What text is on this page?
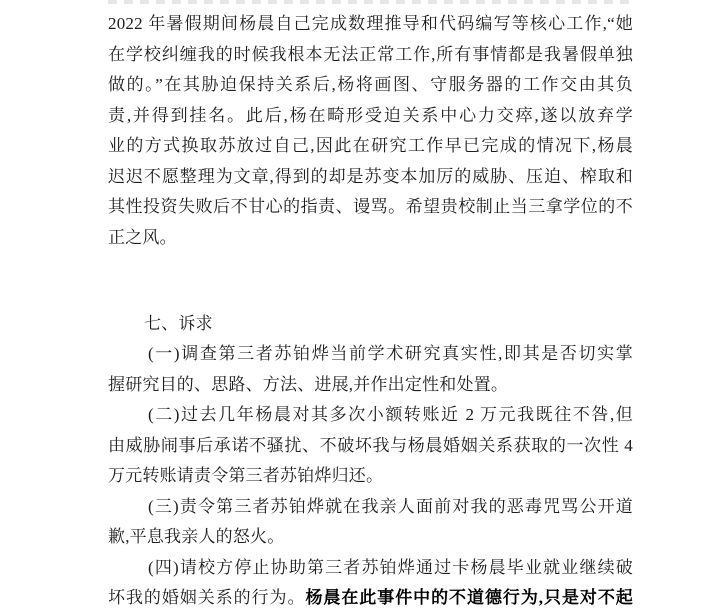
2022 年暑假期间杨晨自己完成数理推导和代码编写等核心工作,“她
在学校纠缠我的时候我根本无法正常工作,所有事情都是我暑假单独
做的。”在其胁迫保持关系后,杨将画图、守服务器的工作交由其负
责,并得到挂名。此后,杨在畸形受迫关系中心力交瘁,遂以放弃学
业的方式换取苏放过自己,因此在研究工作早已完成的情况下,杨晨
迟迟不愿整理为文章,得到的却是苏变本加厉的威胁、压迫、榨取和
其性投资失败后不甘心的指责、谩骂。希望贵校制止当三拿学位的不
正之风。
七、诉求
(一)调查第三者苏铂烨当前学术研究真实性,即其是否切实掌
握研究目的、思路、方法、进展,并作出定性和处置。
(二)过去几年杨晨对其多次小额转账近 2 万元我既往不咎,但
由威胁闹事后承诺不骚扰、不破坏我与杨晨婚姻关系获取的一次性 4
万元转账请责令第三者苏铂烨归还。
(三)责令第三者苏铂烨就在我亲人面前对我的恶毒咒骂公开道
歉,平息我亲人的怒火。
(四)请校方停止协助第三者苏铂烨通过卡杨晨毕业就业继续破
坏我的婚姻关系的行为。杨晨在此事件中的不道德行为,只是对不起
